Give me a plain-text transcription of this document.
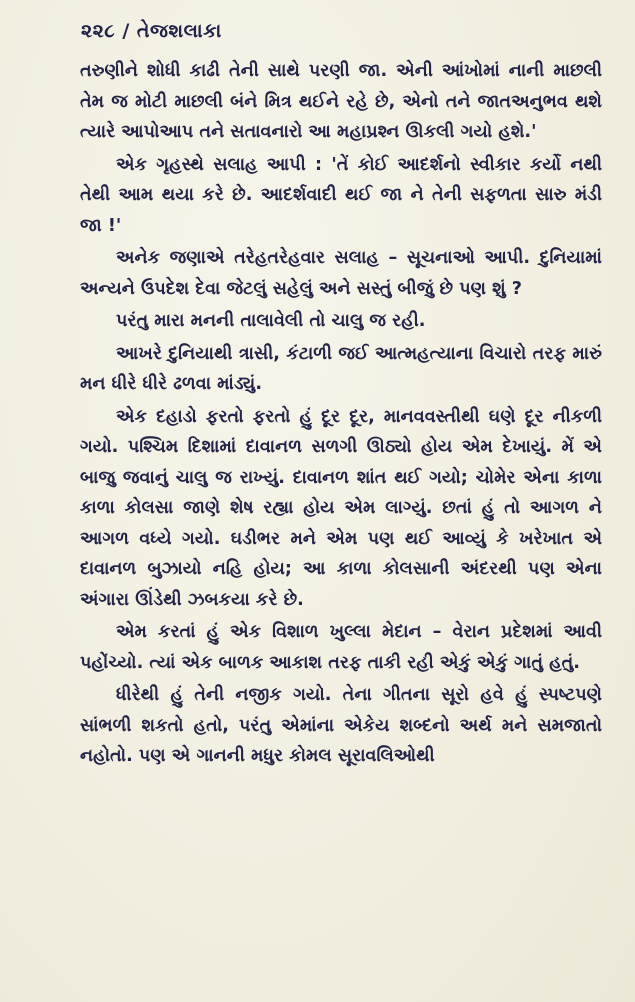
૨૨૮ / તેજશલાકા

તરુણીને શોધી કાઢી તેની સાથે પરણી જા. એની આંખોમાં નાની માછલી તેમ જ મોટી માછલી બંને મિત્ર થઈને રહે છે, એનો તને જાતઅનુભવ થશે ત્યારે આપોઆપ તને સતાવનારો આ મહાપ્રશ્ન ઊકલી ગયો હશે.'

એક ગૃહસ્થે સલાહ આપી : 'તેં કોઈ આદર્શનો સ્વીકાર કર્યો નથી તેથી આમ થયા કરે છે. આદર્શવાદી થઈ જા ને તેની સફળતા સારુ મંડી જા !'

અનેક જણાએ તરેહતરેહવાર સલાહ – સૂચનાઓ આપી. દુનિયામાં અન્યને ઉપદેશ દેવા જેટલું સહેલું અને સસ્તું બીજું છે પણ શું ?

પરંતુ મારા મનની તાલાવેલી તો ચાલુ જ રહી.

આખરે દુનિયાથી ત્રાસી, કંટાળી જઈ આત્મહત્યાના વિચારો તરફ મારું મન ધીરે ધીરે ઢળવા માંડ્યું.

એક દહાડો ફરતો ફરતો હું દૂર દૂર, માનવવસ્તીથી ઘણે દૂર નીકળી ગયો. પશ્ચિમ દિશામાં દાવાનળ સળગી ઊઠ્યો હોય એમ દેખાયું. મેં એ બાજુ જવાનું ચાલુ જ રાખ્યું. દાવાનળ શાંત થઈ ગયો; ચોમેર એના કાળા કાળા કોલસા જાણે શેષ રહ્યા હોય એમ લાગ્યું. છતાં હું તો આગળ ને આગળ વધ્યે ગયો. ઘડીભર મને એમ પણ થઈ આવ્યું કે ખરેખાત એ દાવાનળ બુઝાયો નહિ હોય; આ કાળા કોલસાની અંદરથી પણ એના અંગારા ઊંડેથી ઝબકયા કરે છે.

એમ કરતાં હું એક વિશાળ ખુલ્લા મેદાન – વેરાન પ્રદેશમાં આવી પહોંચ્યો. ત્યાં એક બાળક આકાશ તરફ તાકી રહી એકું એકું ગાતું હતું.

ધીરેથી હું તેની નજીક ગયો. તેના ગીતના સૂરો હવે હું સ્પષ્ટપણે સાંભળી શકતો હતો, પરંતુ એમાંના એકેય શબ્દનો અર્થ મને સમજાતો નહોતો. પણ એ ગાનની મધુર કોમલ સૂરાવલિઓથી
